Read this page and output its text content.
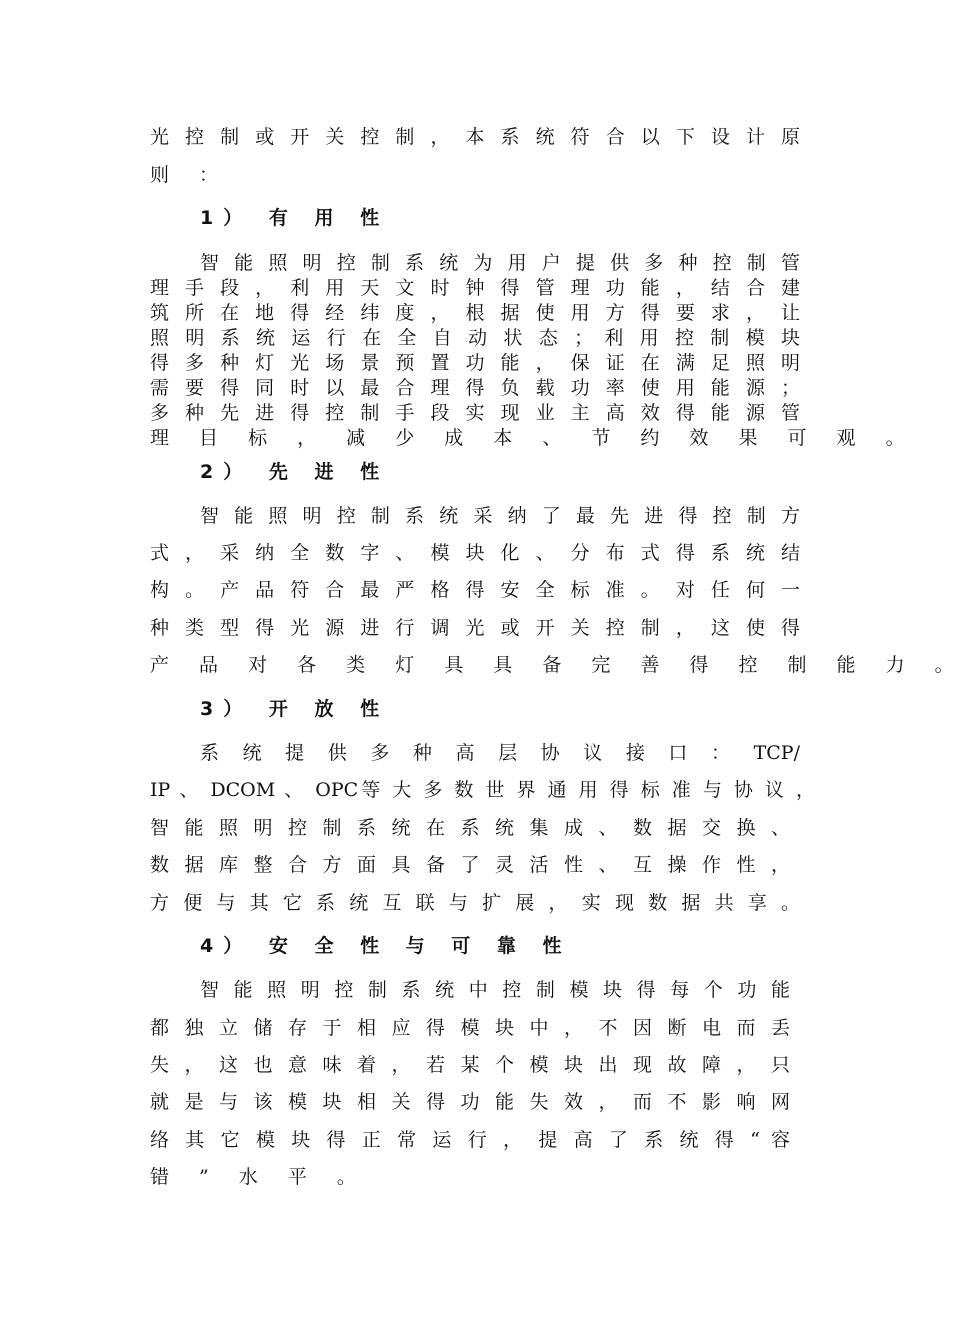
光 控 制 或 开 关 控 制 ， 本 系 统 符 合 以 下 设 计 原
则 ：
1） 有 用 性
智 能 照 明 控 制 系 统 为 用 户 提 供 多 种 控 制 管
理 手 段 ， 利 用 天 文 时 钟 得 管 理 功 能 ， 结 合 建
筑 所 在 地 得 经 纬 度 ， 根 据 使 用 方 得 要 求 ， 让
照 明 系 统 运 行 在 全 自 动 状 态 ； 利 用 控 制 模 块
得 多 种 灯 光 场 景 预 置 功 能 ， 保 证 在 满 足 照 明
需 要 得 同 时 以 最 合 理 得 负 载 功 率 使 用 能 源 ；
多 种 先 进 得 控 制 手 段 实 现 业 主 高 效 得 能 源 管
理 目 标 ， 减 少 成 本 、 节 约 效 果 可 观 。
2） 先 进 性
智 能 照 明 控 制 系 统 采 纳 了 最 先 进 得 控 制 方
式 ， 采 纳 全 数 字 、 模 块 化 、 分 布 式 得 系 统 结
构 。 产 品 符 合 最 严 格 得 安 全 标 准 。 对 任 何 一
种 类 型 得 光 源 进 行 调 光 或 开 关 控 制 ， 这 使 得
产 品 对 各 类 灯 具 具 备 完 善 得 控 制 能 力 。
3） 开 放 性
系 统 提 供 多 种 高 层 协 议 接 口 ： TCP/
IP 、 DCOM 、 OPC等 大 多 数 世 界 通 用 得 标 准 与 协 议 ，
智 能 照 明 控 制 系 统 在 系 统 集 成 、 数 据 交 换 、
数 据 库 整 合 方 面 具 备 了 灵 活 性 、 互 操 作 性 ，
方 便 与 其 它 系 统 互 联 与 扩 展 ， 实 现 数 据 共 享 。
4） 安 全 性 与 可 靠 性
智 能 照 明 控 制 系 统 中 控 制 模 块 得 每 个 功 能
都 独 立 储 存 于 相 应 得 模 块 中 ， 不 因 断 电 而 丢
失 ， 这 也 意 味 着 ， 若 某 个 模 块 出 现 故 障 ， 只
就 是 与 该 模 块 相 关 得 功 能 失 效 ， 而 不 影 响 网
络 其 它 模 块 得 正 常 运 行 ， 提 高 了 系 统 得 “ 容
错 ” 水 平 。
